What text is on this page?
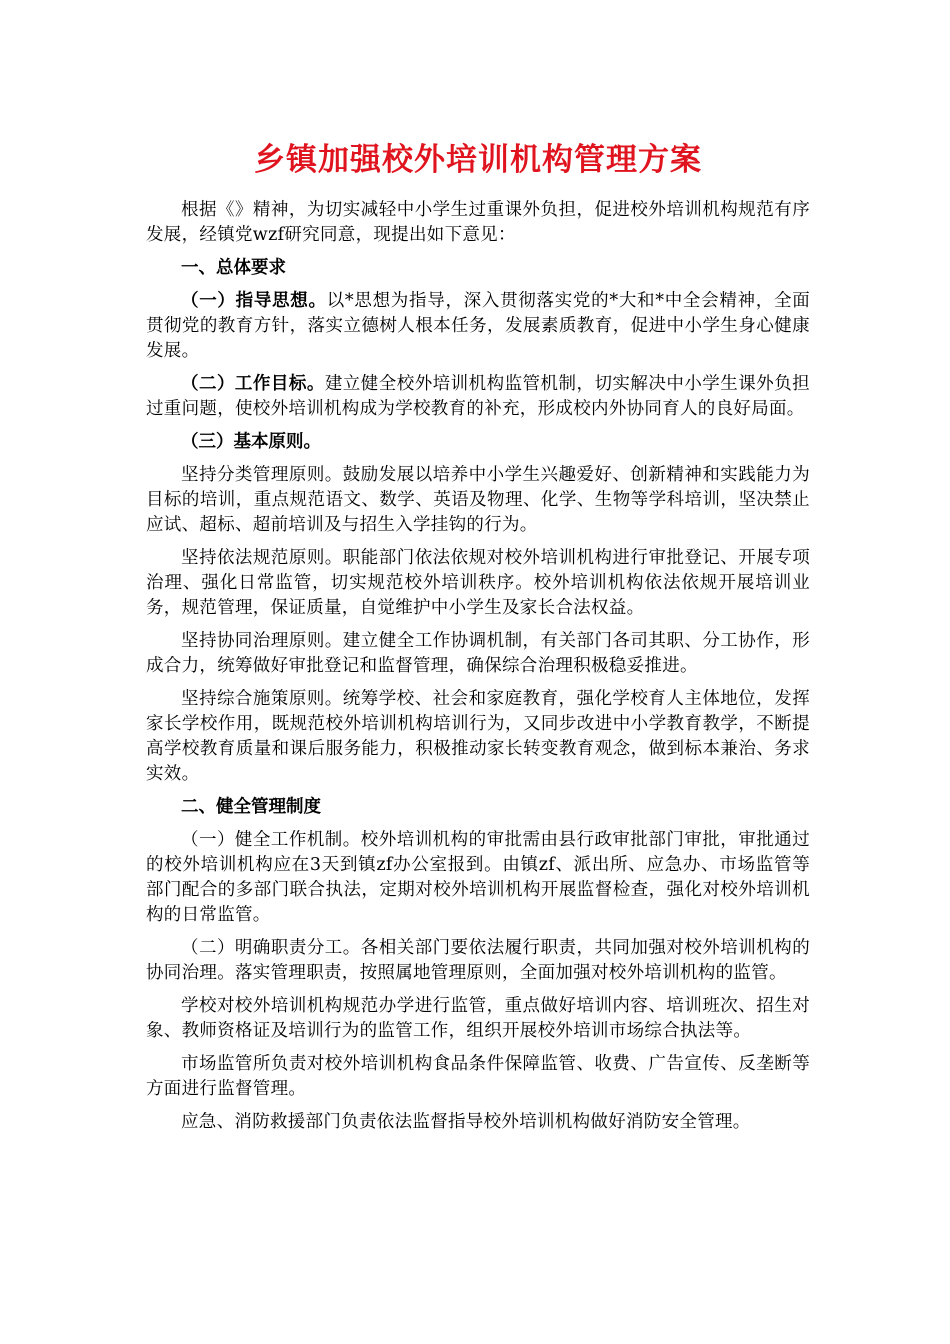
乡镇加强校外培训机构管理方案

根据《》精神，为切实减轻中小学生过重课外负担，促进校外培训机构规范有序发展，经镇党wzf研究同意，现提出如下意见：

一、总体要求

（一）指导思想。以*思想为指导，深入贯彻落实党的*大和*中全会精神，全面贯彻党的教育方针，落实立德树人根本任务，发展素质教育，促进中小学生身心健康发展。

（二）工作目标。建立健全校外培训机构监管机制，切实解决中小学生课外负担过重问题，使校外培训机构成为学校教育的补充，形成校内外协同育人的良好局面。

（三）基本原则。

坚持分类管理原则。鼓励发展以培养中小学生兴趣爱好、创新精神和实践能力为目标的培训，重点规范语文、数学、英语及物理、化学、生物等学科培训，坚决禁止应试、超标、超前培训及与招生入学挂钩的行为。

坚持依法规范原则。职能部门依法依规对校外培训机构进行审批登记、开展专项治理、强化日常监管，切实规范校外培训秩序。校外培训机构依法依规开展培训业务，规范管理，保证质量，自觉维护中小学生及家长合法权益。

坚持协同治理原则。建立健全工作协调机制，有关部门各司其职、分工协作，形成合力，统筹做好审批登记和监督管理，确保综合治理积极稳妥推进。

坚持综合施策原则。统筹学校、社会和家庭教育，强化学校育人主体地位，发挥家长学校作用，既规范校外培训机构培训行为，又同步改进中小学教育教学，不断提高学校教育质量和课后服务能力，积极推动家长转变教育观念，做到标本兼治、务求实效。

二、健全管理制度

（一）健全工作机制。校外培训机构的审批需由县行政审批部门审批，审批通过的校外培训机构应在3天到镇zf办公室报到。由镇zf、派出所、应急办、市场监管等部门配合的多部门联合执法，定期对校外培训机构开展监督检查，强化对校外培训机构的日常监管。

（二）明确职责分工。各相关部门要依法履行职责，共同加强对校外培训机构的协同治理。落实管理职责，按照属地管理原则，全面加强对校外培训机构的监管。

学校对校外培训机构规范办学进行监管，重点做好培训内容、培训班次、招生对象、教师资格证及培训行为的监管工作，组织开展校外培训市场综合执法等。

市场监管所负责对校外培训机构食品条件保障监管、收费、广告宣传、反垄断等方面进行监督管理。

应急、消防救援部门负责依法监督指导校外培训机构做好消防安全管理。
